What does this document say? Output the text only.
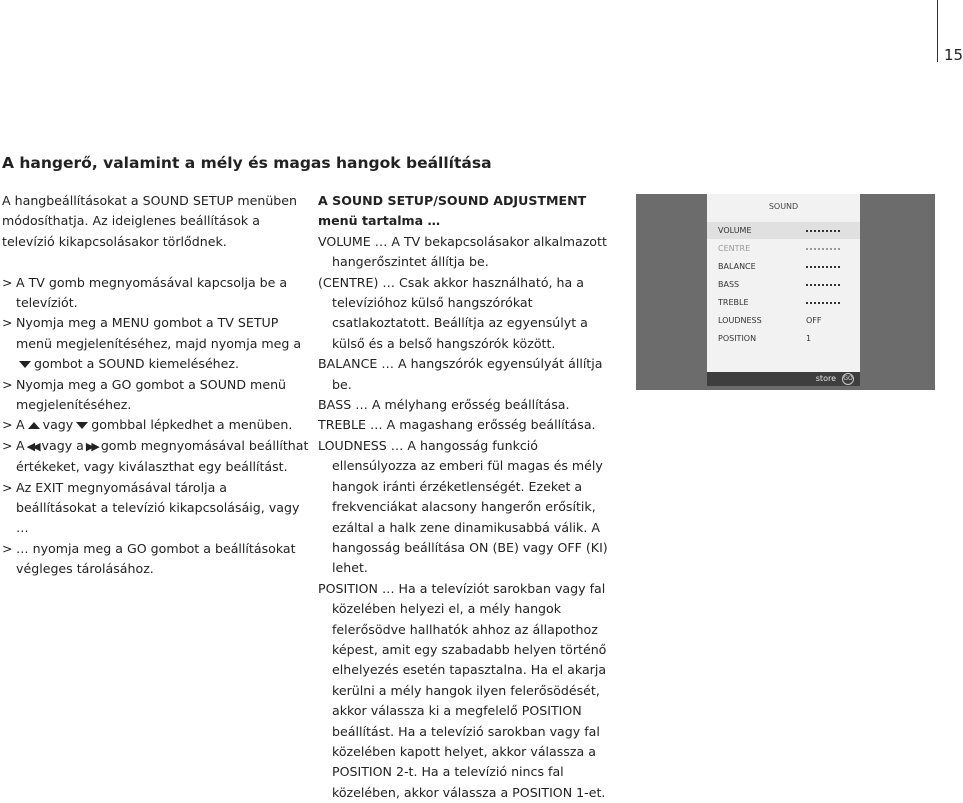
15
A hangerő, valamint a mély és magas hangok beállítása

A hangbeállításokat a SOUND SETUP menüben módosíthatja. Az ideiglenes beállítások a televízió kikapcsolásakor törlődnek.

> A TV gomb megnyomásával kapcsolja be a televíziót.

> Nyomja meg a MENU gombot a TV SETUP menü megjelenítéséhez, majd nyomja meg agombot a SOUND kiemeléséhez.

> Nyomja meg a GO gombot a SOUND menü megjelenítéséhez.

> A vagy gombbal lépkedhet a menüben.

> A ◀◀ vagy a ▶▶ gomb megnyomásával beállíthat értékeket, vagy kiválaszthat egy beállítást.

> Az EXIT megnyomásával tárolja a beállításokat a televízió kikapcsolásáig, vagy …

> … nyomja meg a GO gombot a beállításokat végleges tárolásához.

A SOUND SETUP/SOUND ADJUSTMENT menü tartalma …

VOLUME … A TV bekapcsolásakor alkalmazott hangerőszintet állítja be.

(CENTRE) … Csak akkor használható, ha a televízióhoz külső hangszórókat csatlakoztatott. Beállítja az egyensúlyt a külső és a belső hangszórók között.

BALANCE … A hangszórók egyensúlyát állítja be.

BASS … A mélyhang erősség beállítása.

TREBLE … A magashang erősség beállítása.

LOUDNESS … A hangosság funkció ellensúlyozza az emberi fül magas és mély hangok iránti érzéketlenségét. Ezeket a frekvenciákat alacsony hangerőn erősítik, ezáltal a halk zene dinamikusabbá válik. A hangosság beállítása ON (BE) vagy OFF (KI) lehet.

POSITION … Ha a televíziót sarokban vagy fal közelében helyezi el, a mély hangok felerősödve hallhatók ahhoz az állapothoz képest, amit egy szabadabb helyen történő elhelyezés esetén tapasztalna. Ha el akarja kerülni a mély hangok ilyen felerősödését, akkor válassza ki a megfelelő POSITION beállítást. Ha a televízió sarokban vagy fal közelében kapott helyet, akkor válassza a POSITION 2-t. Ha a televízió nincs fal közelében, akkor válassza a POSITION 1-et.

SOUND
VOLUME
CENTRE
BALANCE
BASS
TREBLE
LOUDNESS	OFF
POSITION	1
store GO
